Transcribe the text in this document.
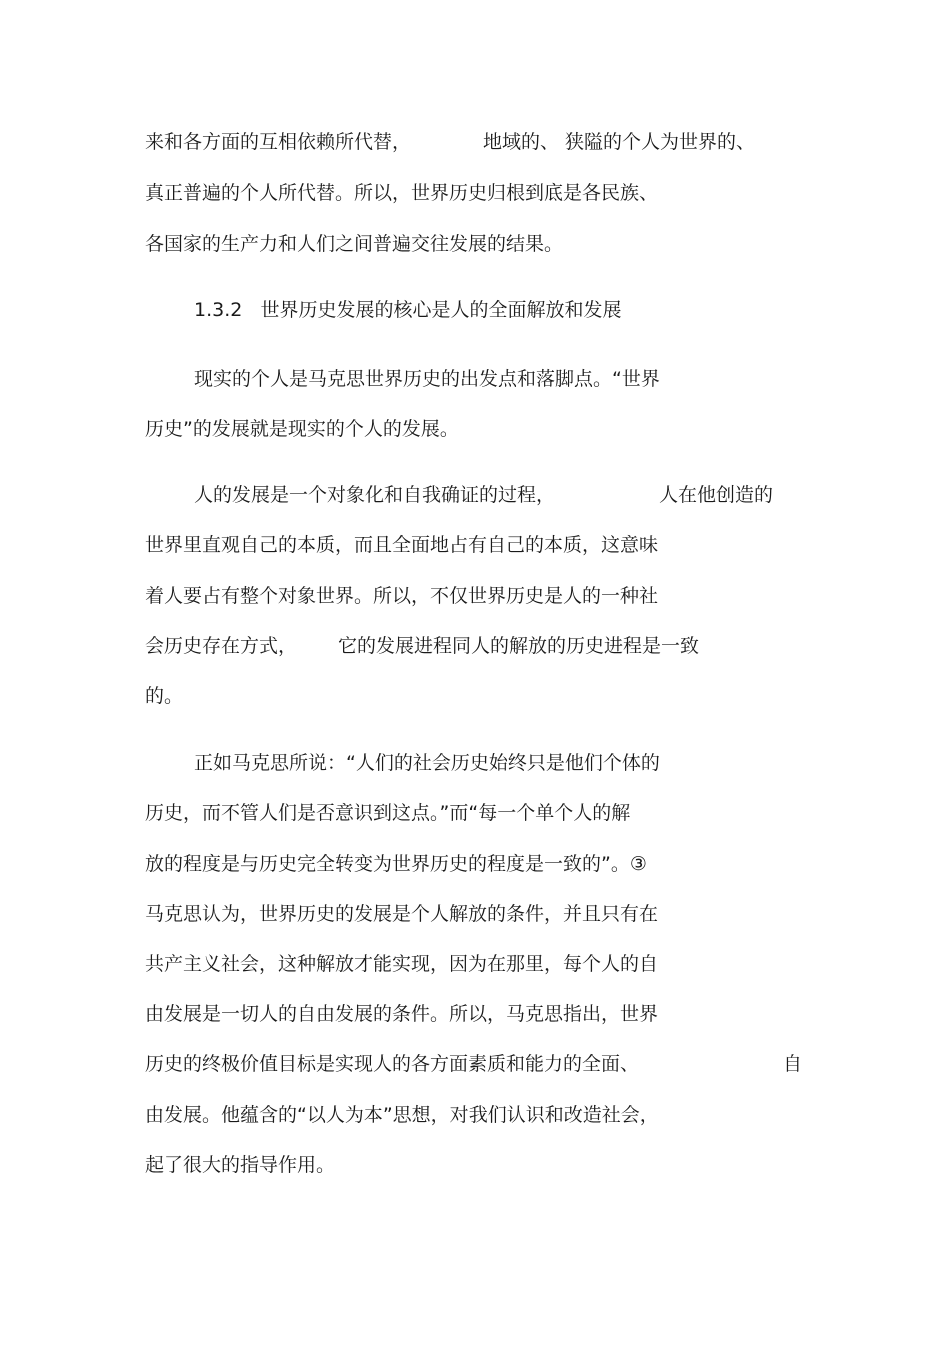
来和各方面的互相依赖所代替，	地域的、 狭隘的个人为世界的、

真正普遍的个人所代替。所以，世界历史归根到底是各民族、

各国家的生产力和人们之间普遍交往发展的结果。

1.3.2   世界历史发展的核心是人的全面解放和发展

现实的个人是马克思世界历史的出发点和落脚点。“世界

历史”的发展就是现实的个人的发展。

人的发展是一个对象化和自我确证的过程，	人在他创造的

世界里直观自己的本质，而且全面地占有自己的本质，这意味

着人要占有整个对象世界。所以，不仅世界历史是人的一种社

会历史存在方式， 它的发展进程同人的解放的历史进程是一致

的。

正如马克思所说：“人们的社会历史始终只是他们个体的

历史，而不管人们是否意识到这点。”而“每一个单个人的解

放的程度是与历史完全转变为世界历史的程度是一致的”。③

马克思认为，世界历史的发展是个人解放的条件，并且只有在

共产主义社会，这种解放才能实现，因为在那里，每个人的自

由发展是一切人的自由发展的条件。所以，马克思指出，世界

历史的终极价值目标是实现人的各方面素质和能力的全面、	自

由发展。他蕴含的“以人为本”思想，对我们认识和改造社会，

起了很大的指导作用。
